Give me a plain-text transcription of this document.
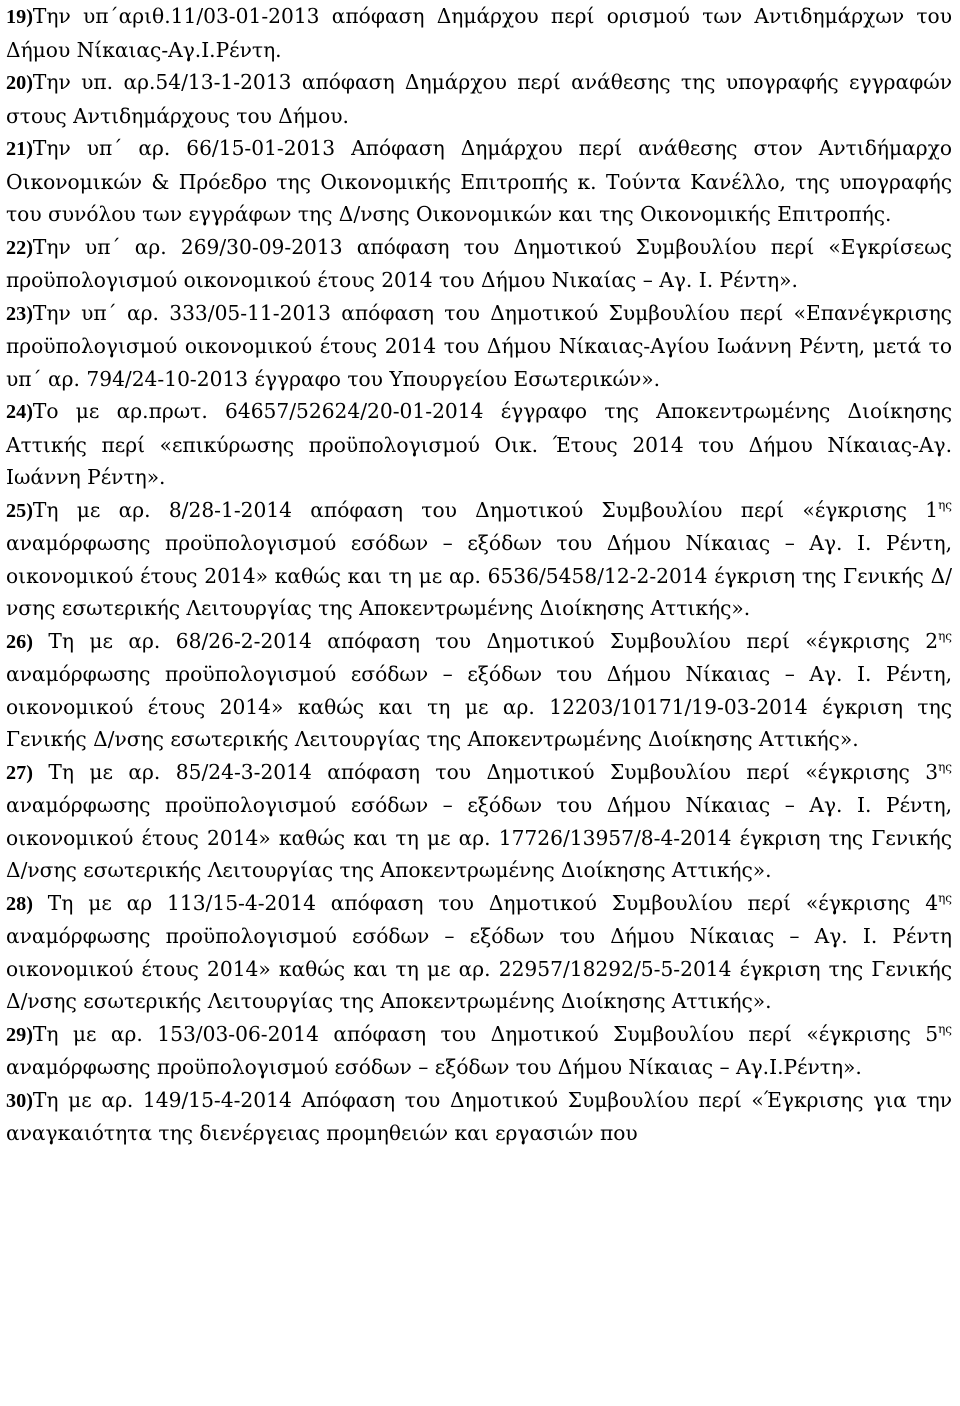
19)Την υπ΄αριθ.11/03-01-2013 απόφαση Δημάρχου περί ορισμού των Αντιδημάρχων του Δήμου Νίκαιας-Αγ.Ι.Ρέντη.

20)Την υπ. αρ.54/13-1-2013 απόφαση Δημάρχου περί ανάθεσης της υπογραφής εγγραφών στους Αντιδημάρχους του Δήμου.

21)Την υπ΄ αρ. 66/15-01-2013 Απόφαση Δημάρχου περί ανάθεσης στον Αντιδήμαρχο Οικονομικών & Πρόεδρο της Οικονομικής Επιτροπής κ. Τούντα Κανέλλο, της υπογραφής του συνόλου των εγγράφων της Δ/νσης Οικονομικών και της Οικονομικής Επιτροπής.

22)Την υπ΄ αρ. 269/30-09-2013 απόφαση του Δημοτικού Συμβουλίου περί «Εγκρίσεως προϋπολογισμού οικονομικού έτους 2014 του Δήμου Νικαίας – Αγ. Ι. Ρέντη».

23)Την υπ΄ αρ. 333/05-11-2013 απόφαση του Δημοτικού Συμβουλίου περί «Επανέγκρισης προϋπολογισμού οικονομικού έτους 2014 του Δήμου Νίκαιας-Αγίου Ιωάννη Ρέντη, μετά το υπ΄ αρ. 794/24-10-2013 έγγραφο του Υπουργείου Εσωτερικών».

24)Το με αρ.πρωτ. 64657/52624/20-01-2014 έγγραφο της Αποκεντρωμένης Διοίκησης Αττικής περί «επικύρωσης προϋπολογισμού Οικ. Έτους 2014 του Δήμου Νίκαιας-Αγ. Ιωάννη Ρέντη».

25)Τη με αρ. 8/28-1-2014 απόφαση του Δημοτικού Συμβουλίου περί «έγκρισης $1^{\eta\varsigma}$ αναμόρφωσης προϋπολογισμού εσόδων – εξόδων του Δήμου Νίκαιας – Αγ. Ι. Ρέντη, οικονομικού έτους 2014» καθώς και τη με αρ. 6536/5458/12-2-2014 έγκριση της Γενικής Δ/νσης εσωτερικής Λειτουργίας της Αποκεντρωμένης Διοίκησης Αττικής».

26) Τη με αρ. 68/26-2-2014 απόφαση του Δημοτικού Συμβουλίου περί «έγκρισης $2^{\eta\varsigma}$ αναμόρφωσης προϋπολογισμού εσόδων – εξόδων του Δήμου Νίκαιας – Αγ. Ι. Ρέντη, οικονομικού έτους 2014» καθώς και τη με αρ. 12203/10171/19-03-2014 έγκριση της Γενικής Δ/νσης εσωτερικής Λειτουργίας της Αποκεντρωμένης Διοίκησης Αττικής».

27) Τη με αρ. 85/24-3-2014 απόφαση του Δημοτικού Συμβουλίου περί «έγκρισης $3^{\eta\varsigma}$ αναμόρφωσης προϋπολογισμού εσόδων – εξόδων του Δήμου Νίκαιας – Αγ. Ι. Ρέντη, οικονομικού έτους 2014» καθώς και τη με αρ. 17726/13957/8-4-2014 έγκριση της Γενικής Δ/νσης εσωτερικής Λειτουργίας της Αποκεντρωμένης Διοίκησης Αττικής».

28) Τη με αρ 113/15-4-2014 απόφαση του Δημοτικού Συμβουλίου περί «έγκρισης $4^{\eta\varsigma}$ αναμόρφωσης προϋπολογισμού εσόδων – εξόδων του Δήμου Νίκαιας – Αγ. Ι. Ρέντη οικονομικού έτους 2014» καθώς και τη με αρ. 22957/18292/5-5-2014 έγκριση της Γενικής Δ/νσης εσωτερικής Λειτουργίας της Αποκεντρωμένης Διοίκησης Αττικής».

29)Τη με αρ. 153/03-06-2014 απόφαση του Δημοτικού Συμβουλίου περί «έγκρισης $5^{\eta\varsigma}$ αναμόρφωσης προϋπολογισμού εσόδων – εξόδων του Δήμου Νίκαιας – Αγ.Ι.Ρέντη».

30)Τη με αρ. 149/15-4-2014 Απόφαση του Δημοτικού Συμβουλίου περί «Έγκρισης για την αναγκαιότητα της διενέργειας προμηθειών και εργασιών που
